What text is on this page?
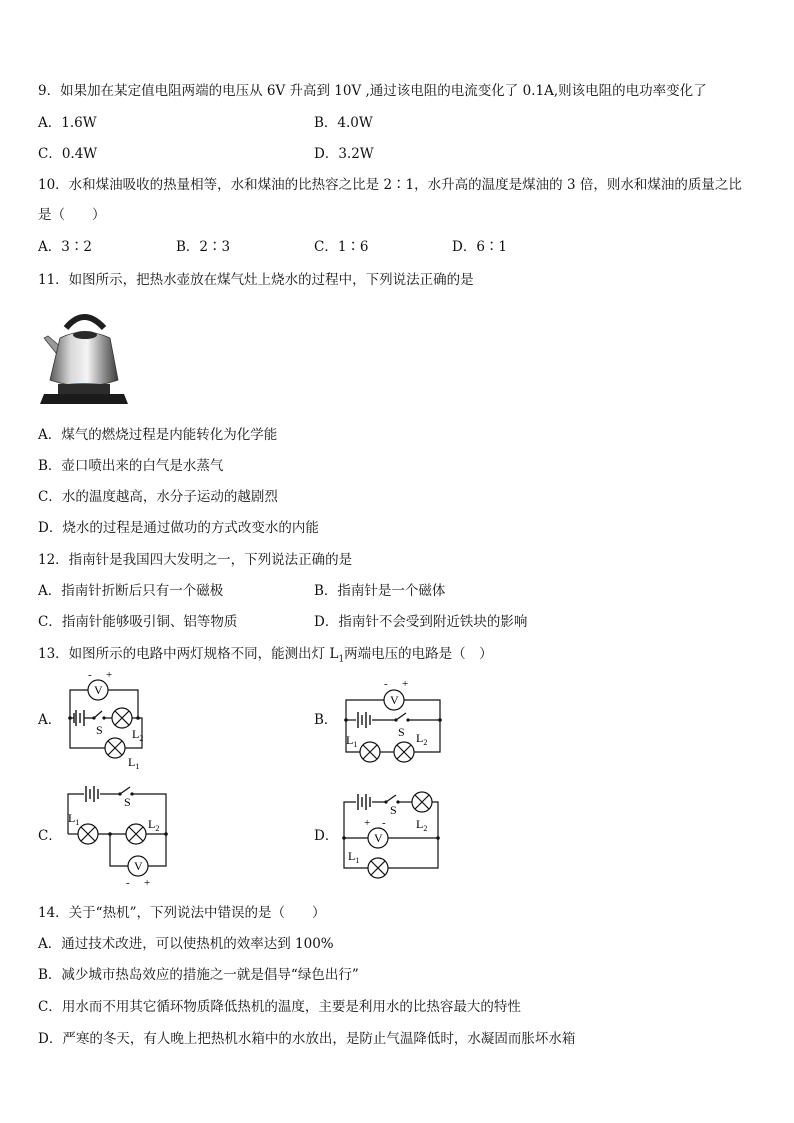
9．如果加在某定值电阻两端的电压从 6V 升高到 10V ,通过该电阻的电流变化了 0.1A,则该电阻的电功率变化了
A．1.6W	B．4.0W
C．0.4W	D．3.2W
10．水和煤油吸收的热量相等，水和煤油的比热容之比是 2∶1，水升高的温度是煤油的 3 倍，则水和煤油的质量之比
是（　　）
A．3∶2	B．2∶3	C．1∶6	D．6∶1
11．如图所示，把热水壶放在煤气灶上烧水的过程中，下列说法正确的是
A．煤气的燃烧过程是内能转化为化学能
B．壶口喷出来的白气是水蒸气
C．水的温度越高，水分子运动的越剧烈
D．烧水的过程是通过做功的方式改变水的内能
12．指南针是我国四大发明之一，下列说法正确的是
A．指南针折断后只有一个磁极	B．指南针是一个磁体
C．指南针能够吸引铜、铝等物质	D．指南针不会受到附近铁块的影响
13．如图所示的电路中两灯规格不同，能测出灯 $L_1$两端电压的电路是（　）
A．	B．
C．	D．
V
- +
S $L_2$
$L_1$
V
- +
S
$L_1$	$L_2$
V
- +
S
$L_1$	$L_2$
V
+ -
S
$L_2$
$L_1$
14．关于“热机”，下列说法中错误的是（　　）
A．通过技术改进，可以使热机的效率达到 100%
B．减少城市热岛效应的措施之一就是倡导“绿色出行”
C．用水而不用其它循环物质降低热机的温度，主要是利用水的比热容最大的特性
D．严寒的冬天，有人晚上把热机水箱中的水放出，是防止气温降低时，水凝固而胀坏水箱
